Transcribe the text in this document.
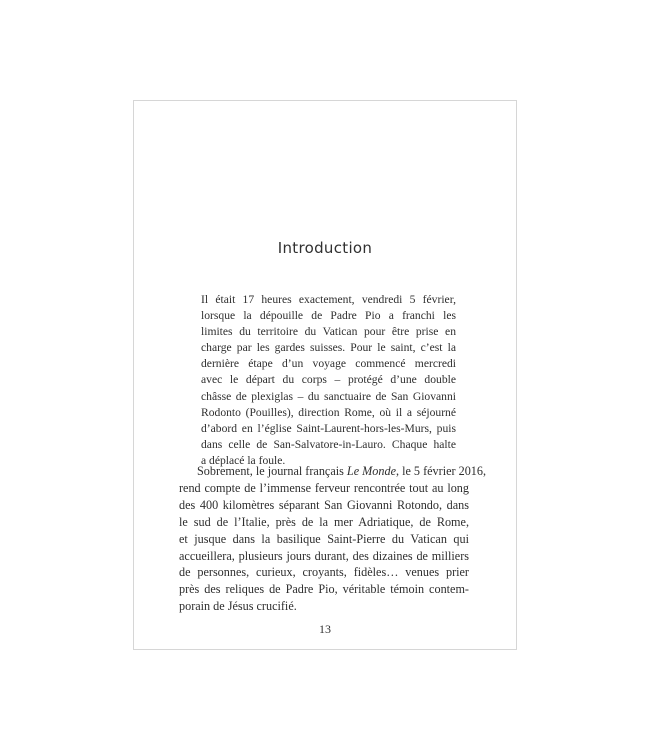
Introduction

Il était 17 heures exactement, vendredi 5 février,
lorsque la dépouille de Padre Pio a franchi les
limites du territoire du Vatican pour être prise en
charge par les gardes suisses. Pour le saint, c’est la
dernière étape d’un voyage commencé mercredi
avec le départ du corps – protégé d’une double
châsse de plexiglas – du sanctuaire de San Giovanni
Rodonto (Pouilles), direction Rome, où il a séjourné
d’abord en l’église Saint-Laurent-hors-les-Murs, puis
dans celle de San-Salvatore-in-Lauro. Chaque halte
a déplacé la foule.

Sobrement, le journal français Le Monde, le 5 février 2016,
rend compte de l’immense ferveur rencontrée tout au long
des 400 kilomètres séparant San Giovanni Rotondo, dans
le sud de l’Italie, près de la mer Adriatique, de Rome,
et jusque dans la basilique Saint-Pierre du Vatican qui
accueillera, plusieurs jours durant, des dizaines de milliers
de personnes, curieux, croyants, fidèles… venues prier
près des reliques de Padre Pio, véritable témoin contem-
porain de Jésus crucifié.

13
